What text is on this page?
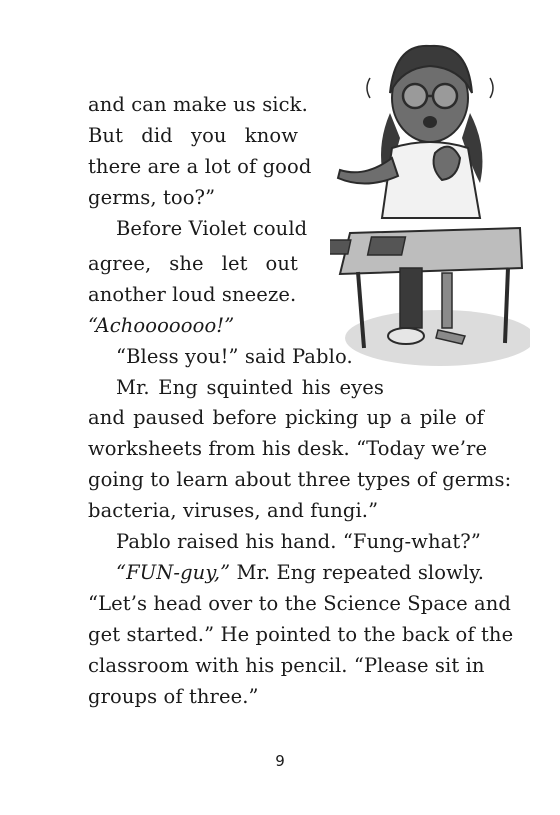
and can make us sick.
But did you know
there are a lot of good
germs, too?”
Before Violet could
agree, she let out
another loud sneeze.
“Achooooooo!”
“Bless you!” said Pablo.
Mr. Eng squinted his eyes
and paused before picking up a pile of
worksheets from his desk. “Today we’re
going to learn about three types of germs:
bacteria, viruses, and fungi.”
Pablo raised his hand. “Fung-what?”
“FUN-guy,” Mr. Eng repeated slowly.
“Let’s head over to the Science Space and
get started.” He pointed to the back of the
classroom with his pencil. “Please sit in
groups of three.”
9
